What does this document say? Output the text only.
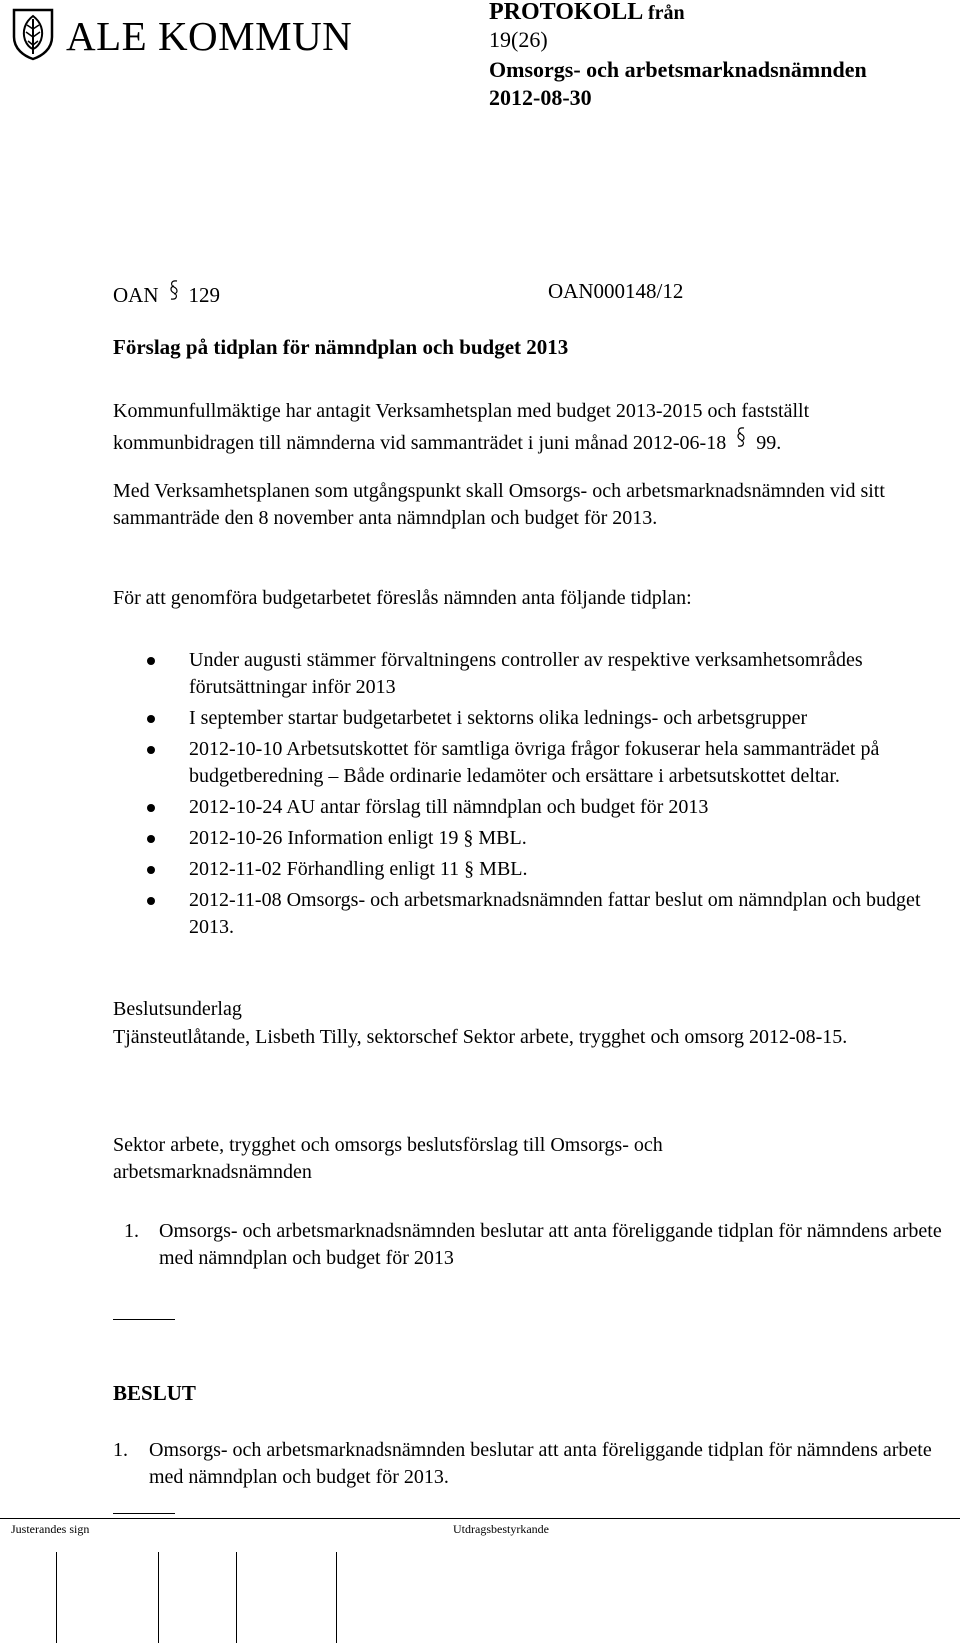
ALE KOMMUN
PROTOKOLL från
19(26)
Omsorgs- och arbetsmarknadsnämnden
2012-08-30
OAN 129	OAN000148/12
Förslag på tidplan för nämndplan och budget 2013
Kommunfullmäktige har antagit Verksamhetsplan med budget 2013-2015 och fastställt
kommunbidragen till nämnderna vid sammanträdet i juni månad 2012-06-18 99.
Med Verksamhetsplanen som utgångspunkt skall Omsorgs- och arbetsmarknadsnämnden vid sitt sammanträde den 8 november anta nämndplan och budget för 2013.
För att genomföra budgetarbetet föreslås nämnden anta följande tidplan:
Under augusti stämmer förvaltningens controller av respektive verksamhetsområdes förutsättningar inför 2013
I september startar budgetarbetet i sektorns olika lednings- och arbetsgrupper
2012-10-10 Arbetsutskottet för samtliga övriga frågor fokuserar hela sammanträdet på budgetberedning – Både ordinarie ledamöter och ersättare i arbetsutskottet deltar.
2012-10-24 AU antar förslag till nämndplan och budget för 2013
2012-10-26 Information enligt 19 § MBL.
2012-11-02 Förhandling enligt 11 § MBL.
2012-11-08 Omsorgs- och arbetsmarknadsnämnden fattar beslut om nämndplan och budget 2013.
Beslutsunderlag
Tjänsteutlåtande, Lisbeth Tilly, sektorschef Sektor arbete, trygghet och omsorg 2012-08-15.
Sektor arbete, trygghet och omsorgs beslutsförslag till Omsorgs- och arbetsmarknadsnämnden
1. Omsorgs- och arbetsmarknadsnämnden beslutar att anta föreliggande tidplan för nämndens arbete med nämndplan och budget för 2013
BESLUT
1. Omsorgs- och arbetsmarknadsnämnden beslutar att anta föreliggande tidplan för nämndens arbete med nämndplan och budget för 2013.
Justerandes sign	Utdragsbestyrkande
